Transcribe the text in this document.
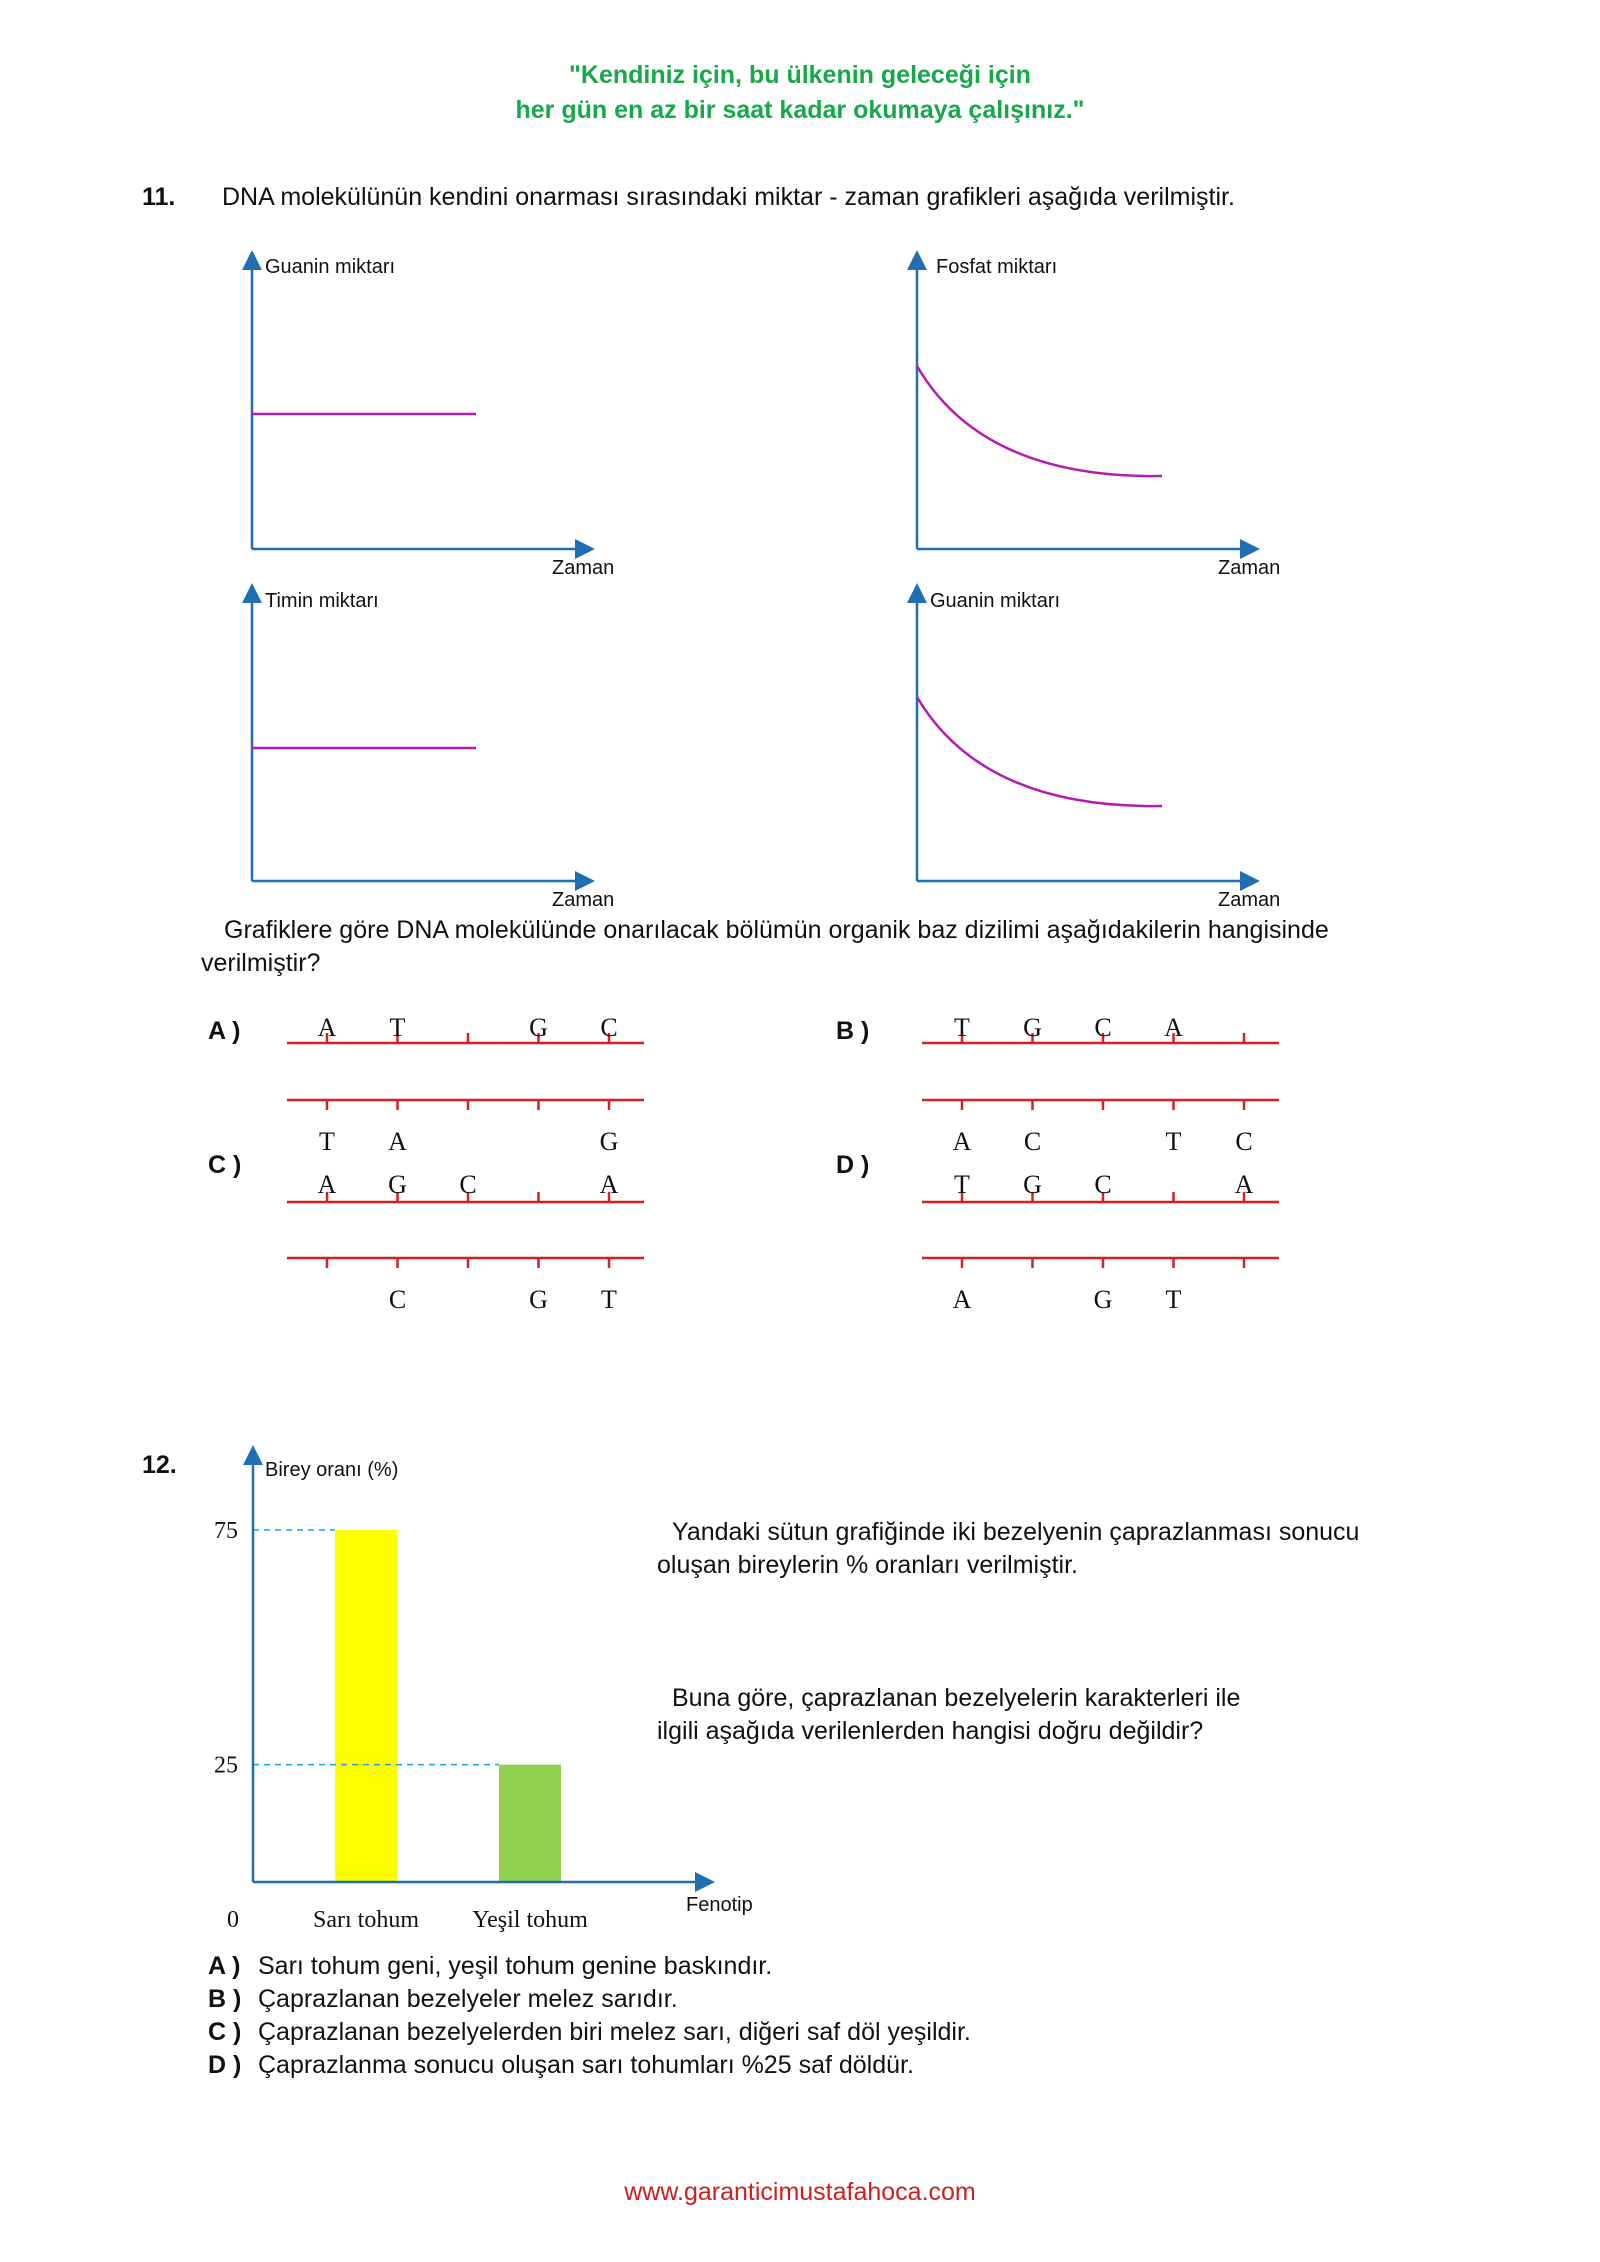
"Kendiniz için, bu ülkenin geleceği için
her gün en az bir saat kadar okumaya çalışınız."
11. DNA molekülünün kendini onarması sırasındaki miktar - zaman grafikleri aşağıda verilmiştir.
Guanin miktarı
Zaman
Fosfat miktarı
Zaman
Timin miktarı
Zaman
Guanin miktarı
Zaman
Grafiklere göre DNA molekülünde onarılacak bölümün organik baz dizilimi aşağıdakilerin hangisinde
verilmiştir?
A )	B )
C )	D )
A T	G C	T G C A
A
T
G
A
C
C
G
A
G
T
T
A
A
G
C
C
G
T
T
A
C
12.
Sarı tohum Yeşil tohum
0
25
75
Birey oranı (%)
Fenotip
Yandaki sütun grafiğinde iki bezelyenin çaprazlanması sonucu
oluşan bireylerin % oranları verilmiştir.
Buna göre, çaprazlanan bezelyelerin karakterleri ile
ilgili aşağıda verilenlerden hangisi doğru değildir?
A ) Sarı tohum geni, yeşil tohum genine baskındır.
B ) Çaprazlanan bezelyeler melez sarıdır.
C ) Çaprazlanan bezelyelerden biri melez sarı, diğeri saf döl yeşildir.
D ) Çaprazlanma sonucu oluşan sarı tohumları %25 saf döldür.
www.garanticimustafahoca.com
